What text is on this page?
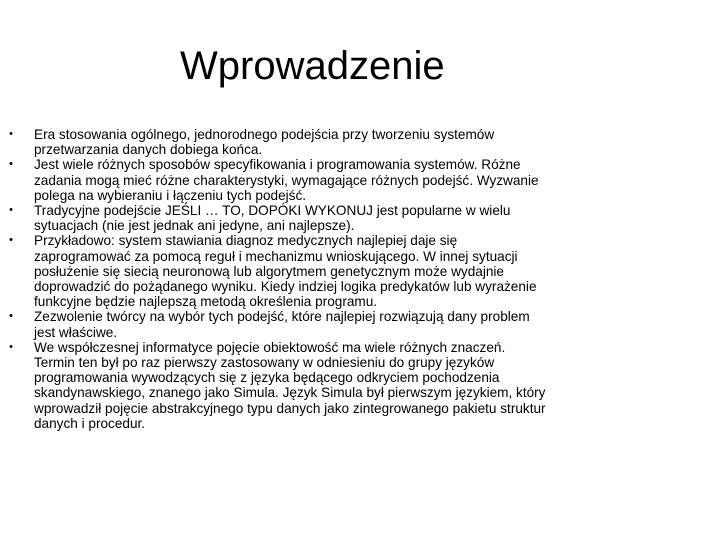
Wprowadzenie
• Era stosowania ogólnego, jednorodnego podejścia przy tworzeniu systemów
przetwarzania danych dobiega końca.
• Jest wiele różnych sposobów specyfikowania i programowania systemów. Różne
zadania mogą mieć różne charakterystyki, wymagające różnych podejść. Wyzwanie
polega na wybieraniu i łączeniu tych podejść.
• Tradycyjne podejście JEŚLI … TO, DOPÓKI WYKONUJ jest popularne w wielu
sytuacjach (nie jest jednak ani jedyne, ani najlepsze).
• Przykładowo: system stawiania diagnoz medycznych najlepiej daje się
zaprogramować za pomocą reguł i mechanizmu wnioskującego. W innej sytuacji
posłużenie się siecią neuronową lub algorytmem genetycznym może wydajnie
doprowadzić do pożądanego wyniku. Kiedy indziej logika predykatów lub wyrażenie
funkcyjne będzie najlepszą metodą określenia programu.
• Zezwolenie twórcy na wybór tych podejść, które najlepiej rozwiązują dany problem
jest właściwe.
• We współczesnej informatyce pojęcie obiektowość ma wiele różnych znaczeń.
Termin ten był po raz pierwszy zastosowany w odniesieniu do grupy języków
programowania wywodzących się z języka będącego odkryciem pochodzenia
skandynawskiego, znanego jako Simula. Język Simula był pierwszym językiem, który
wprowadził pojęcie abstrakcyjnego typu danych jako zintegrowanego pakietu struktur
danych i procedur.
